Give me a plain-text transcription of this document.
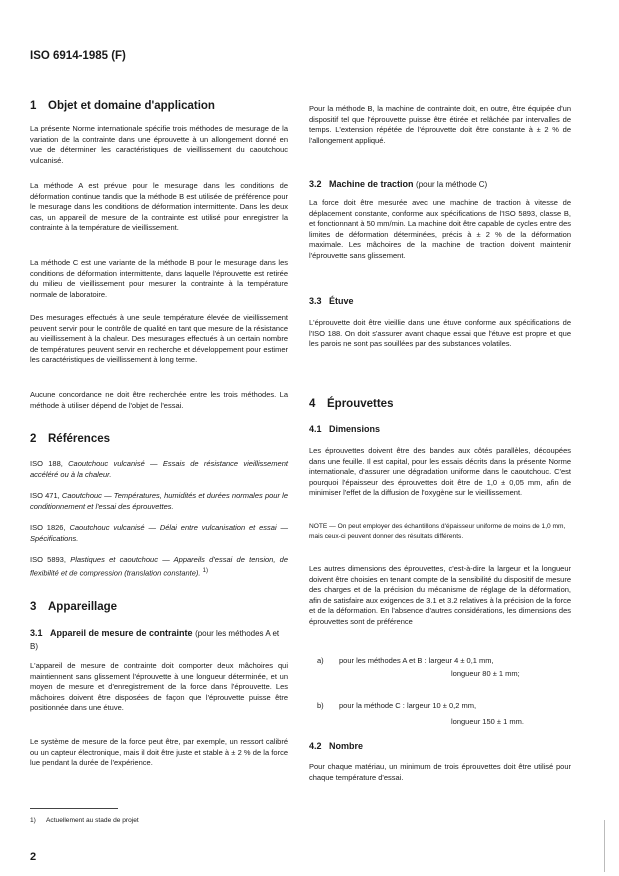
ISO 6914-1985 (F)
1 Objet et domaine d'application

La présente Norme internationale spécifie trois méthodes de mesurage de la variation de la contrainte dans une éprouvette à un allongement donné en vue de déterminer les caractéristiques de vieillissement du caoutchouc vulcanisé.

La méthode A est prévue pour le mesurage dans les conditions de déformation continue tandis que la méthode B est utilisée de préférence pour le mesurage dans les conditions de déformation intermittente. Dans les deux cas, un appareil de mesure de la contrainte est utilisé pour enregistrer la contrainte à la température de vieillissement.

La méthode C est une variante de la méthode B pour le mesurage dans les conditions de déformation intermittente, dans laquelle l'éprouvette est retirée du milieu de vieillissement pour mesurer la contrainte à la température normale de laboratoire.

Des mesurages effectués à une seule température élevée de vieillissement peuvent servir pour le contrôle de qualité en tant que mesure de la résistance au vieillissement à la chaleur. Des mesurages effectués à un certain nombre de températures peuvent servir en recherche et développement pour estimer les caractéristiques de vieillissement à long terme.

Aucune concordance ne doit être recherchée entre les trois méthodes. La méthode à utiliser dépend de l'objet de l'essai.

2 Références

ISO 188, Caoutchouc vulcanisé — Essais de résistance vieillissement accéléré ou à la chaleur.

ISO 471, Caoutchouc — Températures, humidités et durées normales pour le conditionnement et l'essai des éprouvettes.

ISO 1826, Caoutchouc vulcanisé — Délai entre vulcanisation et essai — Spécifications.

ISO 5893, Plastiques et caoutchouc — Appareils d'essai de tension, de flexibilité et de compression (translation constante). $^{1)}$

3 Appareillage
3.1 Appareil de mesure de contrainte (pour les méthodes A et B)

L'appareil de mesure de contrainte doit comporter deux mâchoires qui maintiennent sans glissement l'éprouvette à une longueur déterminée, et un moyen de mesure et d'enregistrement de la force dans l'éprouvette. Les mâchoires doivent être disposées de façon que l'éprouvette puisse être positionnée dans une étuve.

Le système de mesure de la force peut être, par exemple, un ressort calibré ou un capteur électronique, mais il doit être juste et stable à ± 2 % de la force lue pendant la durée de l'expérience.

Pour la méthode B, la machine de contrainte doit, en outre, être équipée d'un dispositif tel que l'éprouvette puisse être étirée et relâchée par intervalles de temps. L'extension répétée de l'éprouvette doit être constante à ± 2 % de l'allongement appliqué.

3.2 Machine de traction (pour la méthode C)

La force doit être mesurée avec une machine de traction à vitesse de déplacement constante, conforme aux spécifications de l'ISO 5893, classe B, et fonctionnant à 50 mm/min. La machine doit être capable de cycles entre des limites de déformation déterminées, précis à ± 2 % de la déformation maximale. Les mâchoires de la machine de traction doivent maintenir l'éprouvette sans glissement.

3.3 Étuve

L'éprouvette doit être vieillie dans une étuve conforme aux spécifications de l'ISO 188. On doit s'assurer avant chaque essai que l'étuve est propre et que les parois ne sont pas souillées par des substances volatiles.

4 Éprouvettes
4.1 Dimensions

Les éprouvettes doivent être des bandes aux côtés parallèles, découpées dans une feuille. Il est capital, pour les essais décrits dans la présente Norme internationale, d'assurer une dégradation uniforme dans le caoutchouc. C'est pourquoi l'épaisseur des éprouvettes doit être de 1,0 ± 0,05 mm, afin de minimiser l'effet de la diffusion de l'oxygène sur le vieillissement.

NOTE — On peut employer des échantillons d'épaisseur uniforme de moins de 1,0 mm, mais ceux-ci peuvent donner des résultats différents.

Les autres dimensions des éprouvettes, c'est-à-dire la largeur et la longueur doivent être choisies en tenant compte de la sensibilité du dispositif de mesure des charges et de la précision du mécanisme de réglage de la déformation, afin de satisfaire aux exigences de 3.1 et 3.2 relatives à la précision de la force et de la déformation. En l'absence d'autres considérations, les dimensions des éprouvettes sont de préférence

a) pour les méthodes A et B : largeur 4 ± 0,1 mm,
longueur 80 ± 1 mm;
b) pour la méthode C : largeur 10 ± 0,2 mm,
longueur 150 ± 1 mm.
4.2 Nombre

Pour chaque matériau, un minimum de trois éprouvettes doit être utilisé pour chaque température d'essai.

1) Actuellement au stade de projet
2
